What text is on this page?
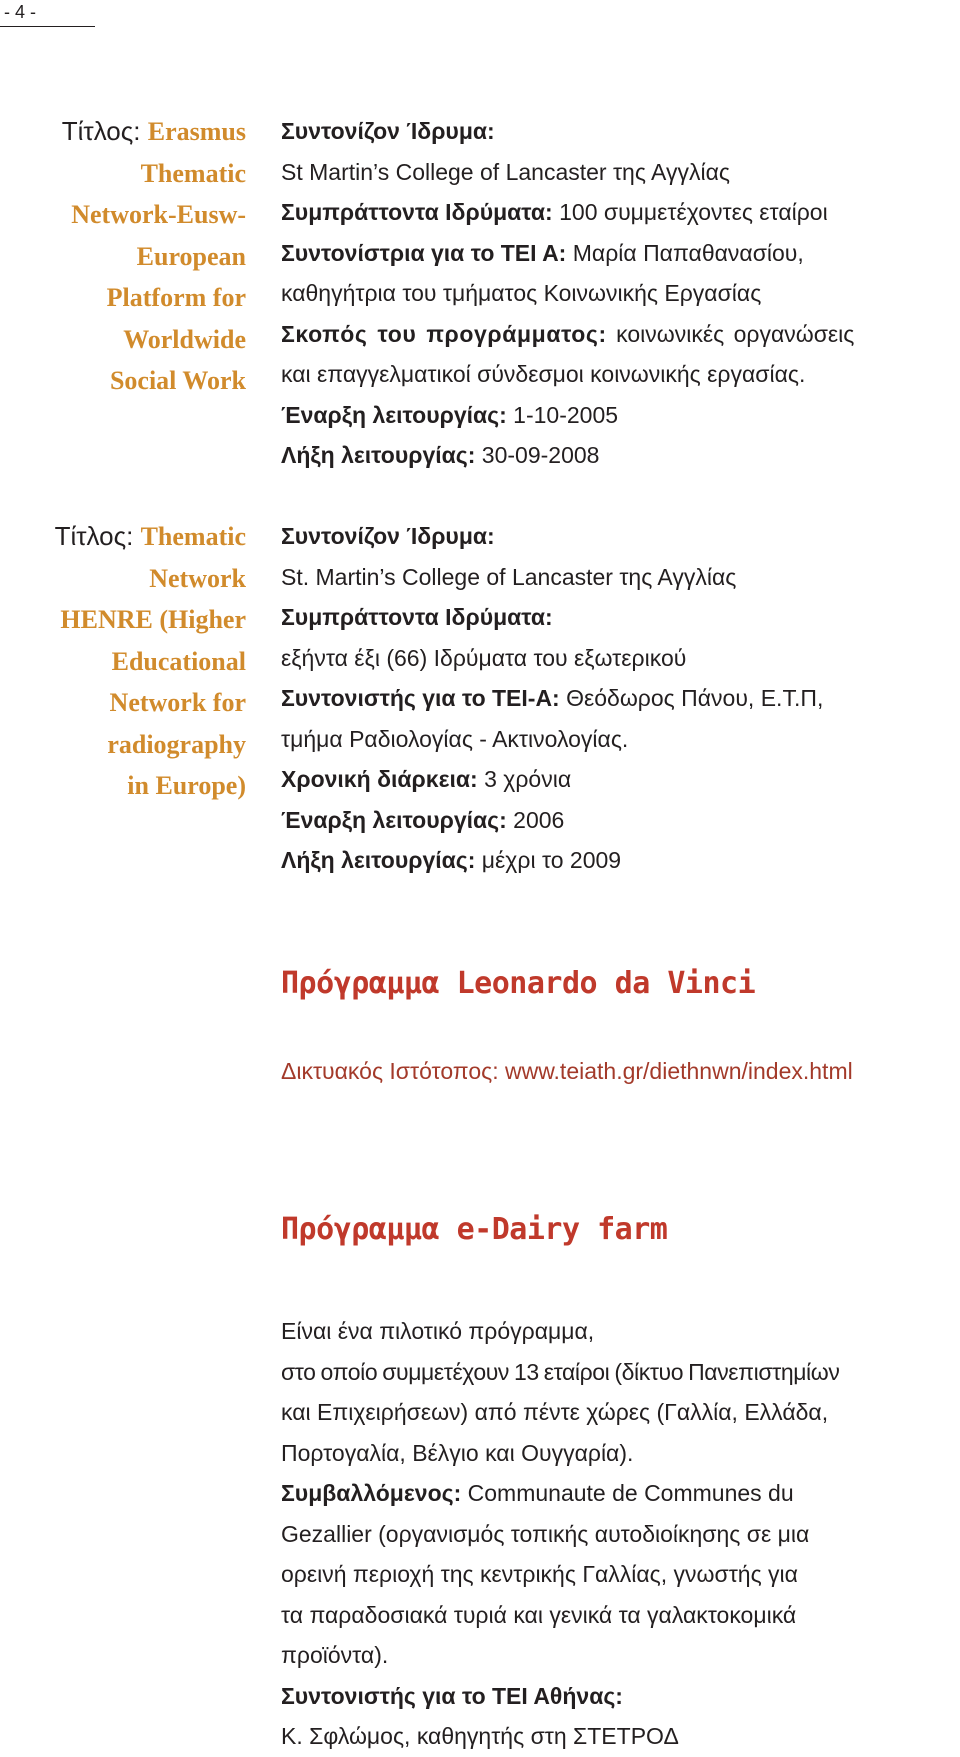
- 4 -
Τίτλος: Erasmus
Thematic
Network-Eusw-
European
Platform for
Worldwide
Social Work
Συντονίζον Ίδρυμα:
St Martin’s College of Lancaster της Αγγλίας
Συμπράττοντα Ιδρύματα: 100 συμμετέχοντες εταίροι
Συντονίστρια για το ΤΕΙ Α: Μαρία Παπαθανασίου,
καθηγήτρια του τμήματος Κοινωνικής Εργασίας
Σκοπός του προγράμματος: κοινωνικές οργανώσεις
και επαγγελματικοί σύνδεσμοι κοινωνικής εργασίας.
Έναρξη λειτουργίας: 1-10-2005
Λήξη λειτουργίας: 30-09-2008
Τίτλος: Thematic
Network
HENRE (Higher
Educational
Network for
radiography
in Europe)
Συντονίζον Ίδρυμα:
St. Martin’s College of Lancaster της Αγγλίας
Συμπράττοντα Ιδρύματα:
εξήντα έξι (66) Ιδρύματα του εξωτερικού
Συντονιστής για το ΤΕΙ-Α: Θεόδωρος Πάνου, Ε.Τ.Π,
τμήμα Ραδιολογίας - Ακτινολογίας.
Χρονική διάρκεια: 3 χρόνια
Έναρξη λειτουργίας: 2006
Λήξη λειτουργίας: μέχρι το 2009
Πρόγραμμα Leonardo da Vinci
Δικτυακός Ιστότοπος: www.teiath.gr/diethnwn/index.html
Πρόγραμμα e-Dairy farm
Είναι ένα πιλοτικό πρόγραμμα,
στο οποίο συμμετέχουν 13 εταίροι (δίκτυο Πανεπιστημίων
και Επιχειρήσεων) από πέντε χώρες (Γαλλία, Ελλάδα,
Πορτογαλία, Βέλγιο και Ουγγαρία).
Συμβαλλόμενος: Communaute de Communes du
Gezallier (οργανισμός τοπικής αυτοδιοίκησης σε μια
ορεινή περιοχή της κεντρικής Γαλλίας, γνωστής για
τα παραδοσιακά τυριά και γενικά τα γαλακτοκομικά
προϊόντα).
Συντονιστής για το ΤΕΙ Αθήνας:
Κ. Σφλώμος, καθηγητής στη ΣΤΕΤΡΟΔ
